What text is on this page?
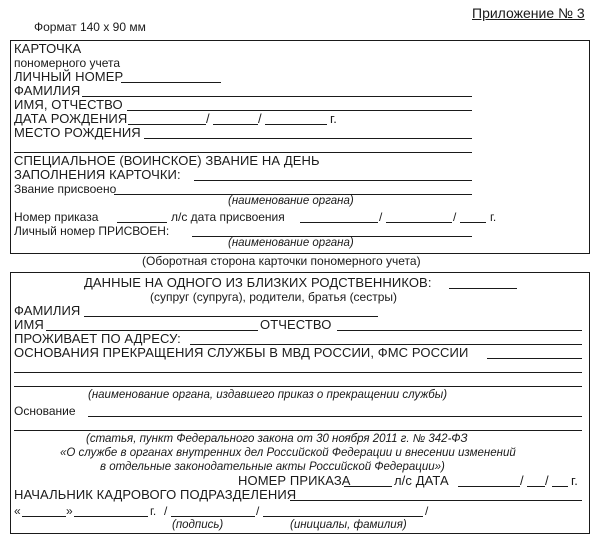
Формат 140 х 90 мм
Приложение № 3
КАРТОЧКА
пономерного учета
ЛИЧНЫЙ НОМЕР
ФАМИЛИЯ
ИМЯ, ОТЧЕСТВО
ДАТА РОЖДЕНИЯ	/	/	г.
МЕСТО РОЖДЕНИЯ
СПЕЦИАЛЬНОЕ (ВОИНСКОЕ) ЗВАНИЕ НА ДЕНЬ
ЗАПОЛНЕНИЯ КАРТОЧКИ:
Звание присвоено
(наименование органа)
Номер приказа	л/с дата присвоения	/	/	г.
Личный номер ПРИСВОЕН:
(наименование органа)
(Оборотная сторона карточки пономерного учета)
ДАННЫЕ НА ОДНОГО ИЗ БЛИЗКИХ РОДСТВЕННИКОВ:
(супруг (супруга), родители, братья (сестры)
ФАМИЛИЯ
ИМЯ	ОТЧЕСТВО
ПРОЖИВАЕТ ПО АДРЕСУ:
ОСНОВАНИЯ ПРЕКРАЩЕНИЯ СЛУЖБЫ В МВД РОССИИ, ФМС РОССИИ
(наименование органа, издавшего приказ о прекращении службы)
Основание
(статья, пункт Федерального закона от 30 ноября 2011 г. № 342-ФЗ
«О службе в органах внутренних дел Российской Федерации и внесении изменений
в отдельные законодательные акты Российской Федерации»)
НОМЕР ПРИКАЗА	л/с ДАТА	/ / г.
НАЧАЛЬНИК КАДРОВОГО ПОДРАЗДЕЛЕНИЯ
«	»	г. /	/	/
(подпись)	(инициалы, фамилия)
